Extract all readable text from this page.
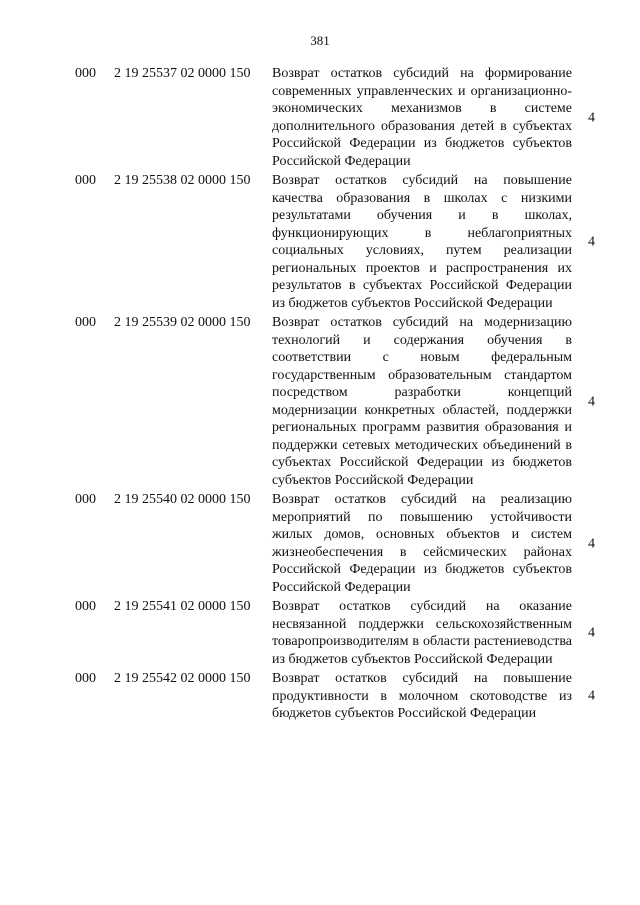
381
000 2 19 25537 02 0000 150 Возврат остатков субсидий на формирование современных управленческих и организационно-экономических механизмов в системе дополнительного образования детей в субъектах Российской Федерации из бюджетов субъектов Российской Федерации
4
000 2 19 25538 02 0000 150 Возврат остатков субсидий на повышение качества образования в школах с низкими результатами обучения и в школах, функционирующих в неблагоприятных социальных условиях, путем реализации региональных проектов и распространения их результатов в субъектах Российской Федерации из бюджетов субъектов Российской Федерации
4
000 2 19 25539 02 0000 150 Возврат остатков субсидий на модернизацию технологий и содержания обучения в соответствии с новым федеральным государственным образовательным стандартом посредством разработки концепций модернизации конкретных областей, поддержки региональных программ развития образования и поддержки сетевых методических объединений в субъектах Российской Федерации из бюджетов субъектов Российской Федерации
4
000 2 19 25540 02 0000 150 Возврат остатков субсидий на реализацию мероприятий по повышению устойчивости жилых домов, основных объектов и систем жизнеобеспечения в сейсмических районах Российской Федерации из бюджетов субъектов Российской Федерации
4
000 2 19 25541 02 0000 150 Возврат остатков субсидий на оказание несвязанной поддержки сельскохозяйственным товаропроизводителям в области растениеводства из бюджетов субъектов Российской Федерации
4
000 2 19 25542 02 0000 150 Возврат остатков субсидий на повышение продуктивности в молочном скотоводстве из бюджетов субъектов Российской Федерации
4
